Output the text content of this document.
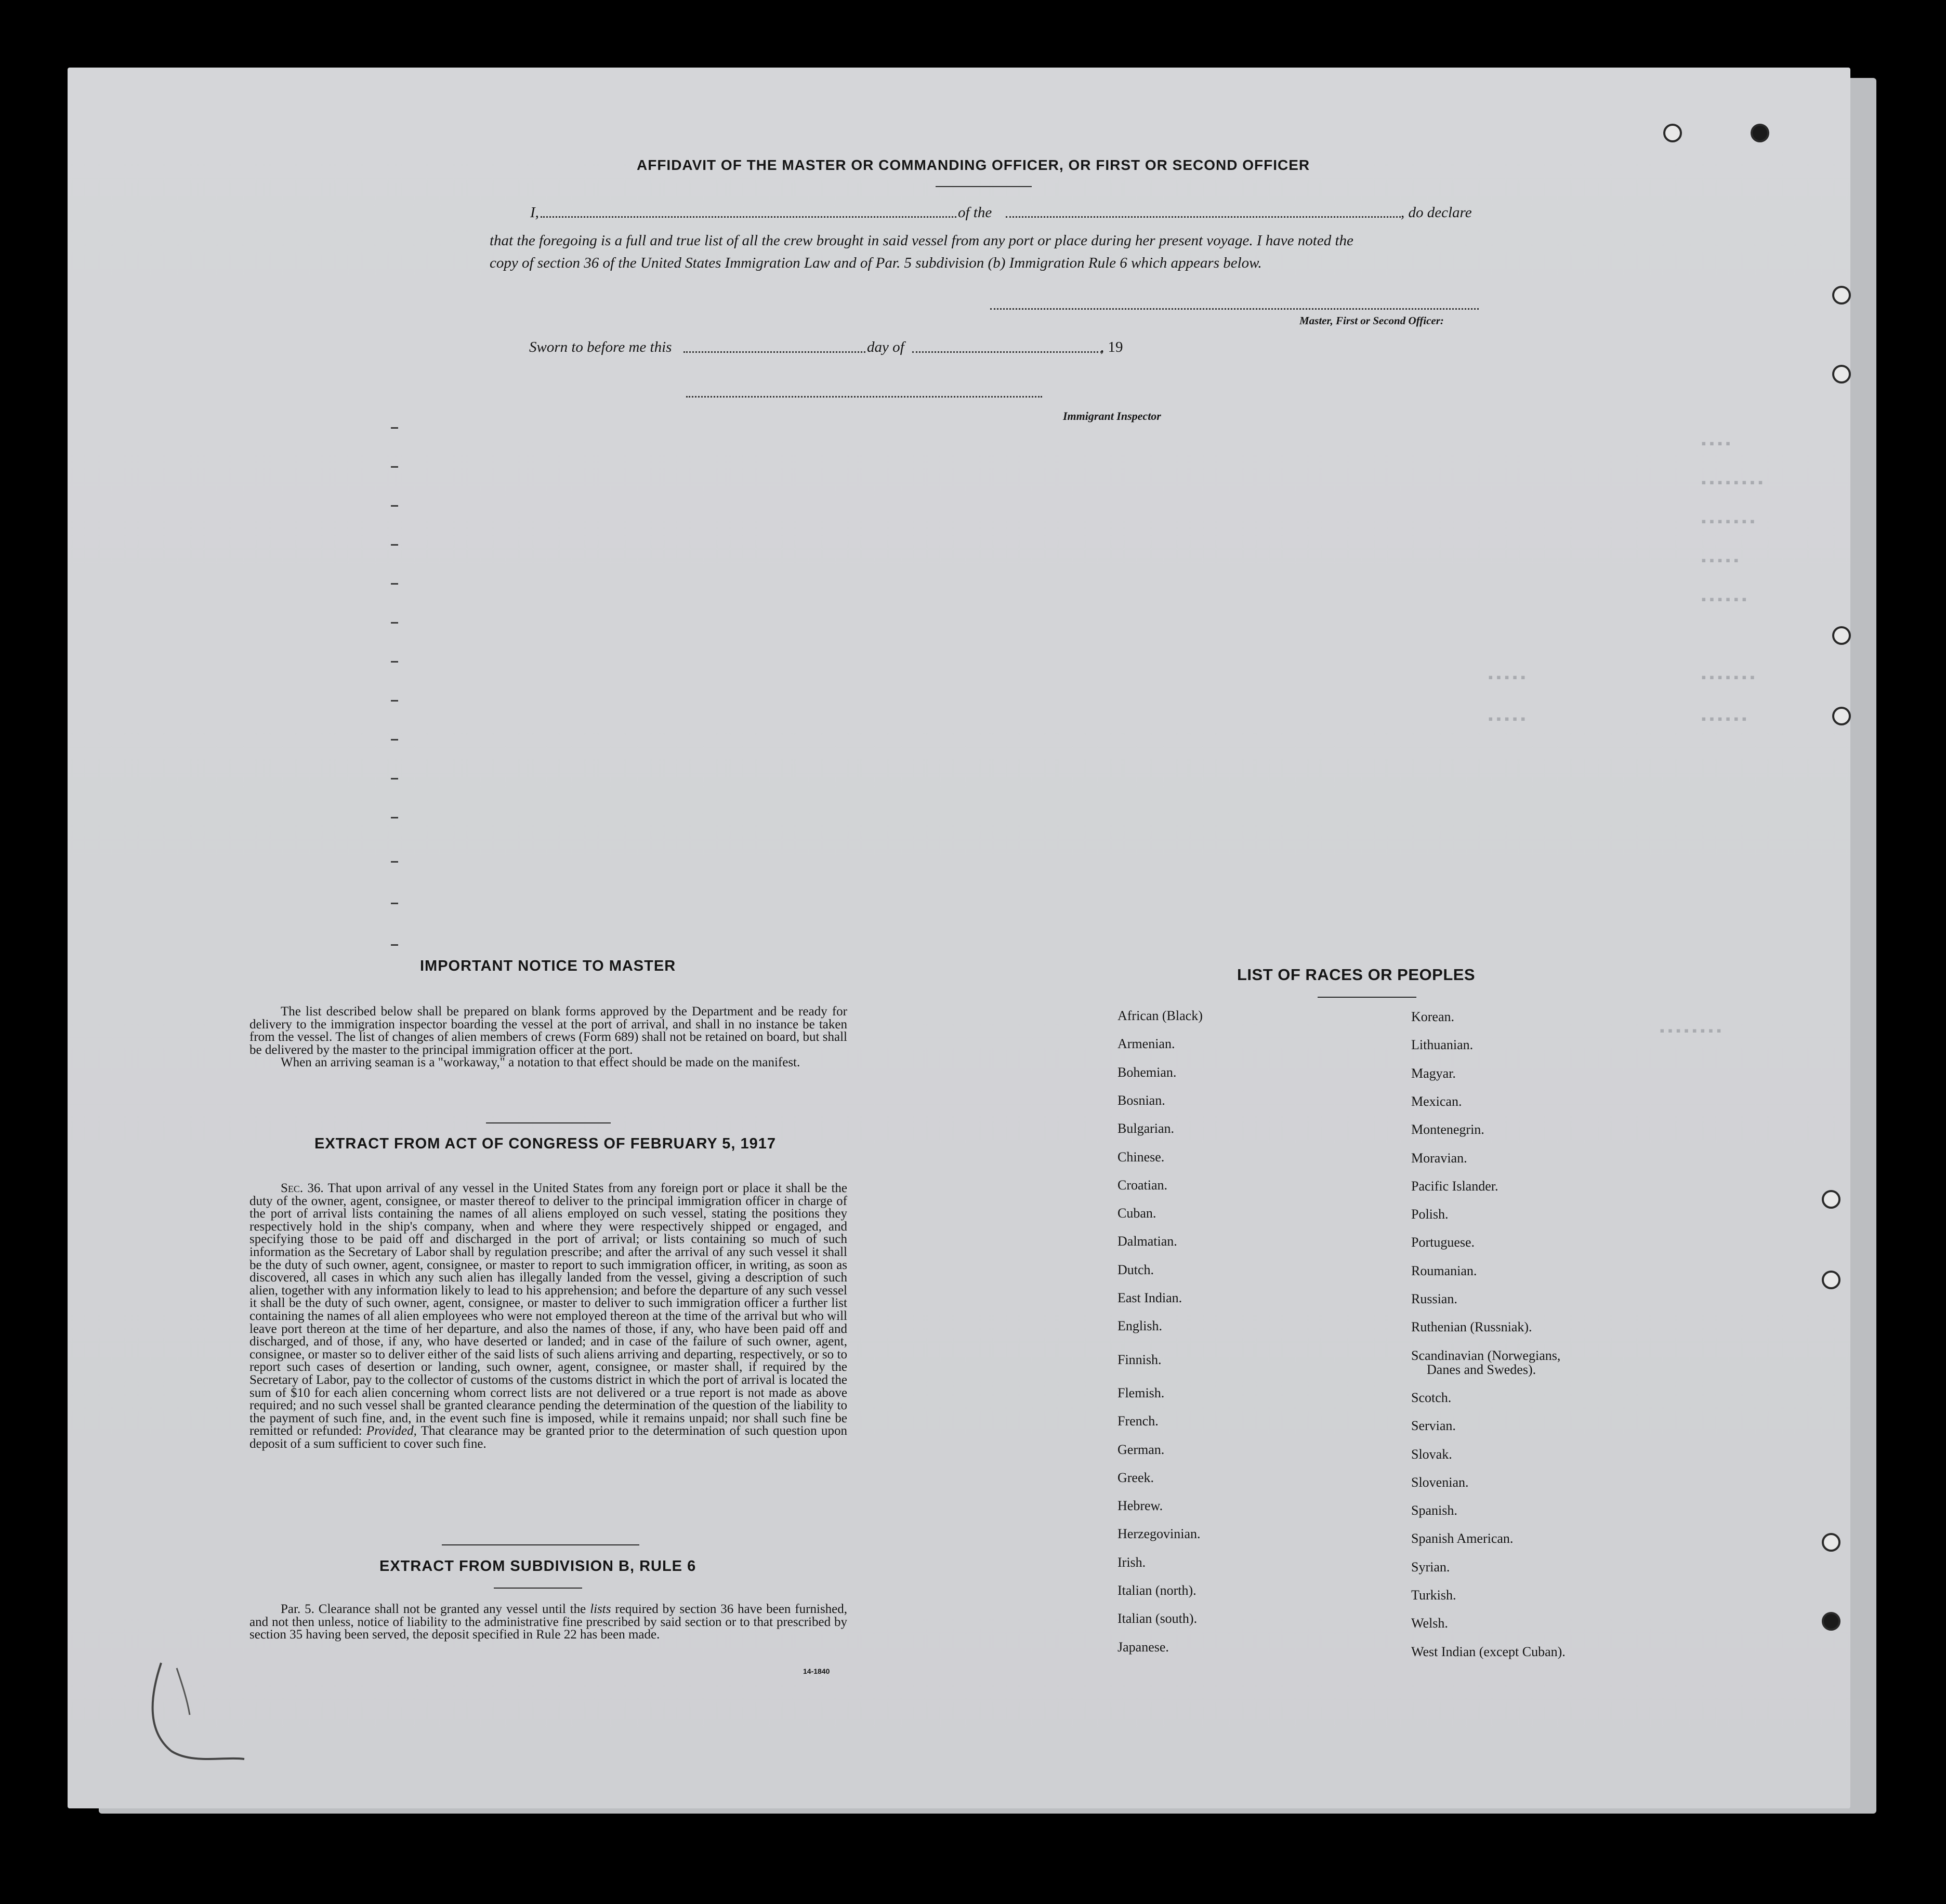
▪▪▪▪
▪▪▪▪▪▪▪▪
▪▪▪▪▪▪▪
▪▪▪▪▪
▪▪▪▪▪▪
▪▪▪▪▪▪▪
▪▪▪▪▪
▪▪▪▪▪	▪▪▪▪▪▪
▪▪▪▪▪▪▪▪
AFFIDAVIT OF THE MASTER OR COMMANDING OFFICER, OR FIRST OR SECOND OFFICER
I,	of the	, do declare
that the foregoing is a full and true list of all the crew brought in said vessel from any port or place during her present voyage. I have noted the
copy of section 36 of the United States Immigration Law and of Par. 5 subdivision (b) Immigration Rule 6 which appears below.
Master, First or Second Officer:
Sworn to before me this	day of	, 19
Immigrant Inspector
IMPORTANT NOTICE TO MASTER

The list described below shall be prepared on blank forms approved by the Department and be ready for delivery to the immigration inspector boarding the vessel at the port of arrival, and shall in no instance be taken from the vessel. The list of changes of alien members of crews (Form 689) shall not be retained on board, but shall be delivered by the master to the principal immigration officer at the port.

When an arriving seaman is a "workaway," a notation to that effect should be made on the manifest.

EXTRACT FROM ACT OF CONGRESS OF FEBRUARY 5, 1917

Sec. 36. That upon arrival of any vessel in the United States from any foreign port or place it shall be the duty of the owner, agent, consignee, or master thereof to deliver to the principal immigration officer in charge of the port of arrival lists containing the names of all aliens employed on such vessel, stating the positions they respectively hold in the ship's company, when and where they were respectively shipped or engaged, and specifying those to be paid off and discharged in the port of arrival; or lists containing so much of such information as the Secretary of Labor shall by regulation prescribe; and after the arrival of any such vessel it shall be the duty of such owner, agent, consignee, or master to report to such immigration officer, in writing, as soon as discovered, all cases in which any such alien has illegally landed from the vessel, giving a description of such alien, together with any information likely to lead to his apprehension; and before the departure of any such vessel it shall be the duty of such owner, agent, consignee, or master to deliver to such immigration officer a further list containing the names of all alien employees who were not employed thereon at the time of the arrival but who will leave port thereon at the time of her departure, and also the names of those, if any, who have been paid off and discharged, and of those, if any, who have deserted or landed; and in case of the failure of such owner, agent, consignee, or master so to deliver either of the said lists of such aliens arriving and departing, respectively, or so to report such cases of desertion or landing, such owner, agent, consignee, or master shall, if required by the Secretary of Labor, pay to the collector of customs of the customs district in which the port of arrival is located the sum of $10 for each alien concerning whom correct lists are not delivered or a true report is not made as above required; and no such vessel shall be granted clearance pending the determination of the question of the liability to the payment of such fine, and, in the event such fine is imposed, while it remains unpaid; nor shall such fine be remitted or refunded: Provided, That clearance may be granted prior to the determination of such question upon deposit of a sum sufficient to cover such fine.

EXTRACT FROM SUBDIVISION B, RULE 6

Par. 5. Clearance shall not be granted any vessel until the lists required by section 36 have been furnished, and not then unless, notice of liability to the administrative fine prescribed by said section or to that prescribed by section 35 having been served, the deposit specified in Rule 22 has been made.

14-1840
LIST OF RACES OR PEOPLES
African (Black)
Armenian.
Bohemian.
Bosnian.
Bulgarian.
Chinese.
Croatian.
Cuban.
Dalmatian.
Dutch.
East Indian.
English.
Finnish.
Flemish.
French.
German.
Greek.
Hebrew.
Herzegovinian.
Irish.
Italian (north).
Italian (south).
Japanese.
Korean.
Lithuanian.
Magyar.
Mexican.
Montenegrin.
Moravian.
Pacific Islander.
Polish.
Portuguese.
Roumanian.
Russian.
Ruthenian (Russniak).
Scandinavian (Norwegians,
Danes and Swedes).
Scotch.
Servian.
Slovak.
Slovenian.
Spanish.
Spanish American.
Syrian.
Turkish.
Welsh.
West Indian (except Cuban).
